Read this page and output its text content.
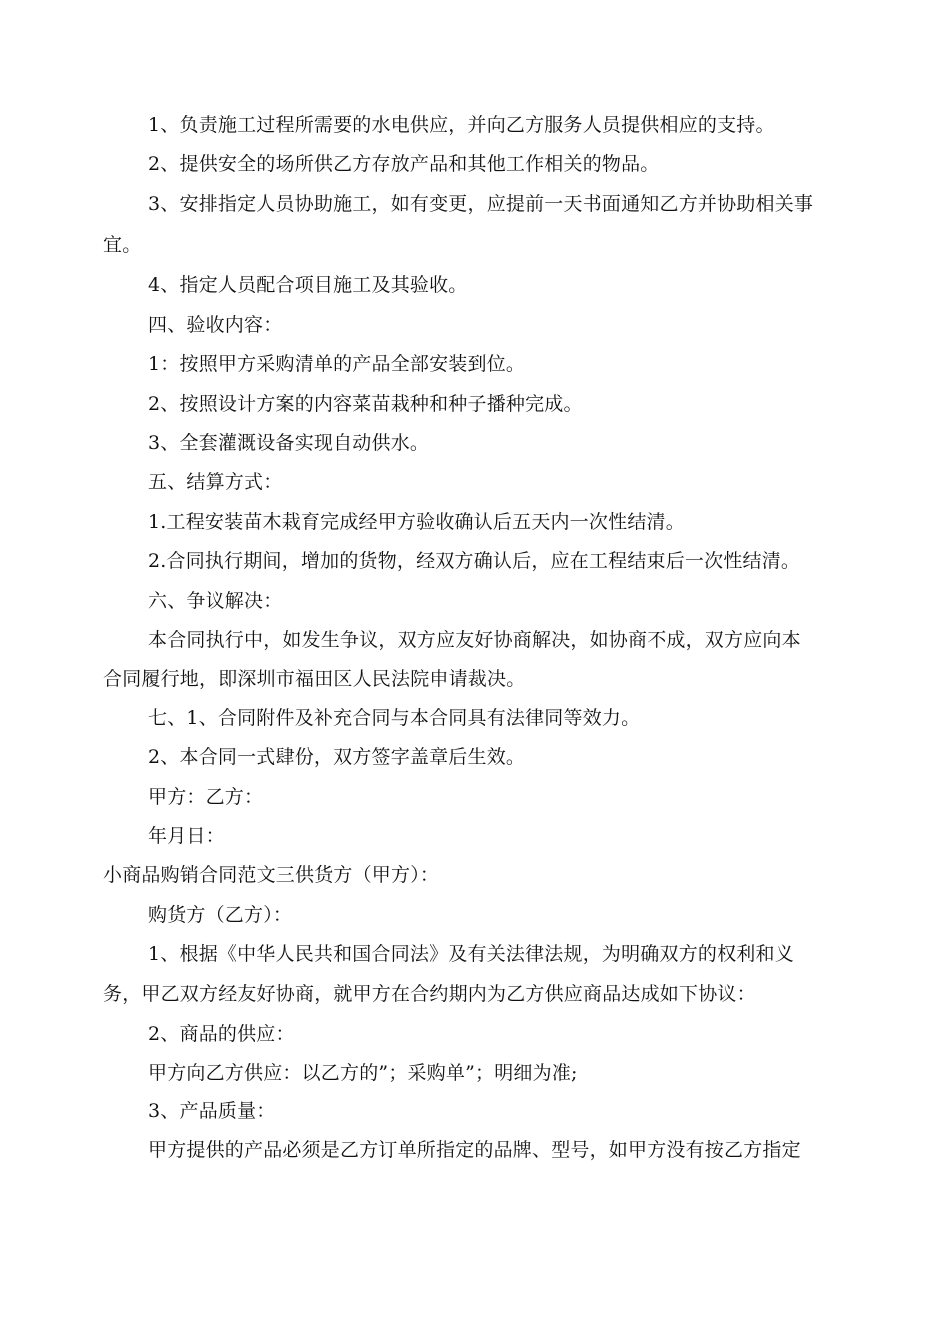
1、负责施工过程所需要的水电供应，并向乙方服务人员提供相应的支持。
2、提供安全的场所供乙方存放产品和其他工作相关的物品。
3、安排指定人员协助施工，如有变更，应提前一天书面通知乙方并协助相关事
宜。
4、指定人员配合项目施工及其验收。
四、验收内容：
1：按照甲方采购清单的产品全部安装到位。
2、按照设计方案的内容菜苗栽种和种子播种完成。
3、全套灌溉设备实现自动供水。
五、结算方式：
1.工程安装苗木栽育完成经甲方验收确认后五天内一次性结清。
2.合同执行期间，增加的货物，经双方确认后，应在工程结束后一次性结清。
六、争议解决：
本合同执行中，如发生争议，双方应友好协商解决，如协商不成，双方应向本
合同履行地，即深圳市福田区人民法院申请裁决。
七、1、合同附件及补充合同与本合同具有法律同等效力。
2、本合同一式肆份，双方签字盖章后生效。
甲方：乙方：
年月日：
小商品购销合同范文三供货方（甲方）：
购货方（乙方）：
1、根据《中华人民共和国合同法》及有关法律法规，为明确双方的权利和义
务，甲乙双方经友好协商，就甲方在合约期内为乙方供应商品达成如下协议：
2、商品的供应：
甲方向乙方供应：以乙方的”；采购单”；明细为准;
3、产品质量：
甲方提供的产品必须是乙方订单所指定的品牌、型号，如甲方没有按乙方指定
